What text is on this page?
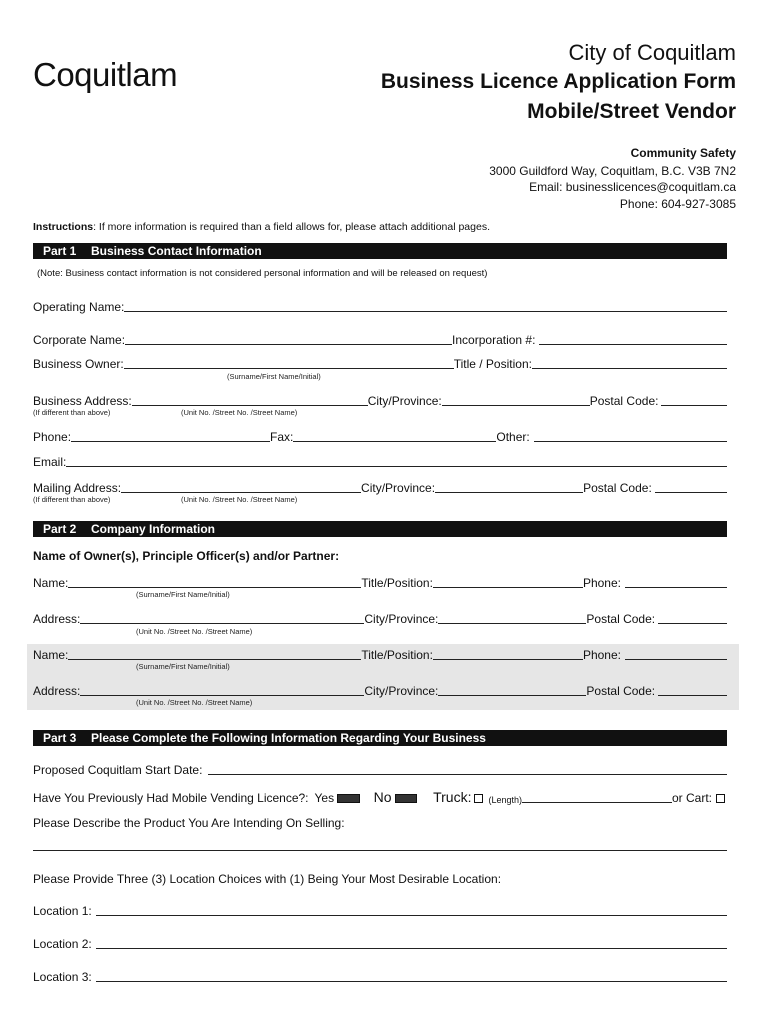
Coquitlam
City of Coquitlam
Business Licence Application Form
Mobile/Street Vendor
Community Safety
3000 Guildford Way, Coquitlam, B.C. V3B 7N2
Email: businesslicences@coquitlam.ca
Phone: 604-927-3085
Instructions: If more information is required than a field allows for, please attach additional pages.
Part 1 Business Contact Information
(Note: Business contact information is not considered personal information and will be released on request)
Operating Name:
Corporate Name:	Incorporation #:
Business Owner:	Title / Position:
(Surname/First Name/Initial)
Business Address:	City/Province:	Postal Code:
(If different than above)	(Unit No. /Street No. /Street Name)
Phone:	Fax:	Other:
Email:
Mailing Address:	City/Province:	Postal Code:
(If different than above)	(Unit No. /Street No. /Street Name)
Part 2 Company Information
Name of Owner(s), Principle Officer(s) and/or Partner:
Name:	Title/Position:	Phone:
(Surname/First Name/Initial)
Address:	City/Province:	Postal Code:
(Unit No. /Street No. /Street Name)
Name:	Title/Position:	Phone:
(Surname/First Name/Initial)
Address:	City/Province:	Postal Code:
(Unit No. /Street No. /Street Name)
Part 3 Please Complete the Following Information Regarding Your Business
Proposed Coquitlam Start Date:
Have You Previously Had Mobile Vending Licence?: Yes	No	Truck: (Length)	or Cart:
Please Describe the Product You Are Intending On Selling:
Please Provide Three (3) Location Choices with (1) Being Your Most Desirable Location:
Location 1:
Location 2:
Location 3:
